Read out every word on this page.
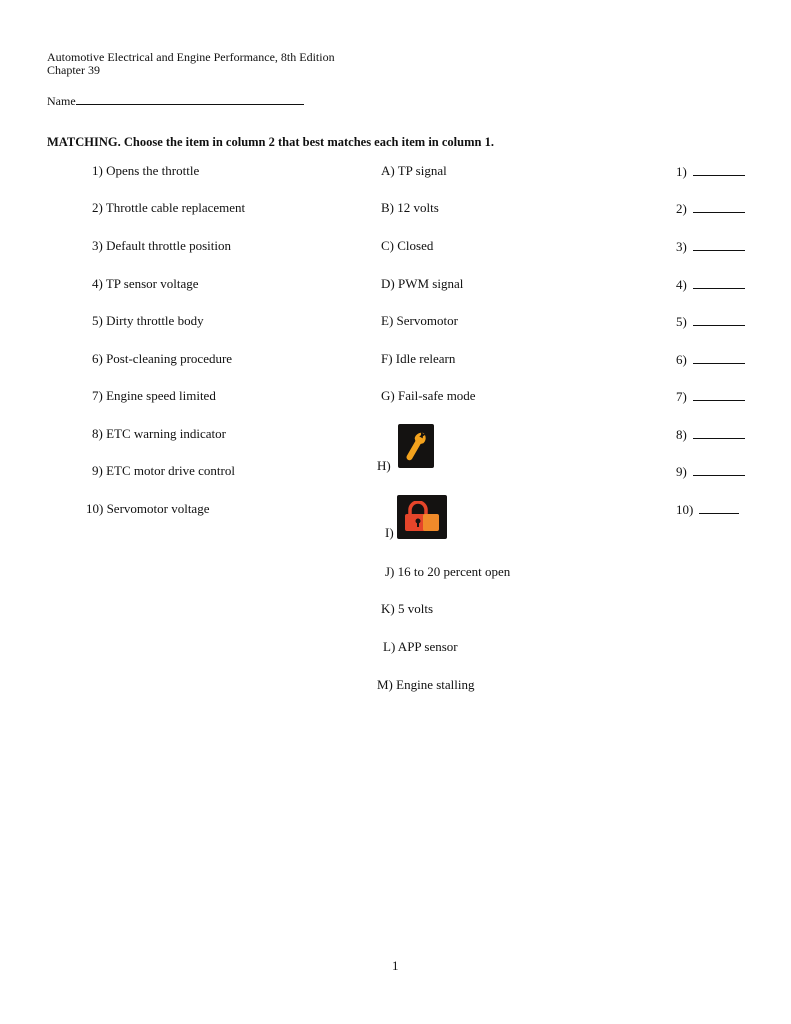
Automotive Electrical and Engine Performance, 8th Edition
Chapter 39
Name
MATCHING. Choose the item in column 2 that best matches each item in column 1.
1) Opens the throttle
2) Throttle cable replacement
3) Default throttle position
4) TP sensor voltage
5) Dirty throttle body
6) Post-cleaning procedure
7) Engine speed limited
8) ETC warning indicator
9) ETC motor drive control
10) Servomotor voltage
A) TP signal
B) 12 volts
C) Closed
D) PWM signal
E) Servomotor
F) Idle relearn
G) Fail-safe mode
H)
I)
J) 16 to 20 percent open
K) 5 volts
L) APP sensor
M) Engine stalling
1)
2)
3)
4)
5)
6)
7)
8)
9)
10)
1
